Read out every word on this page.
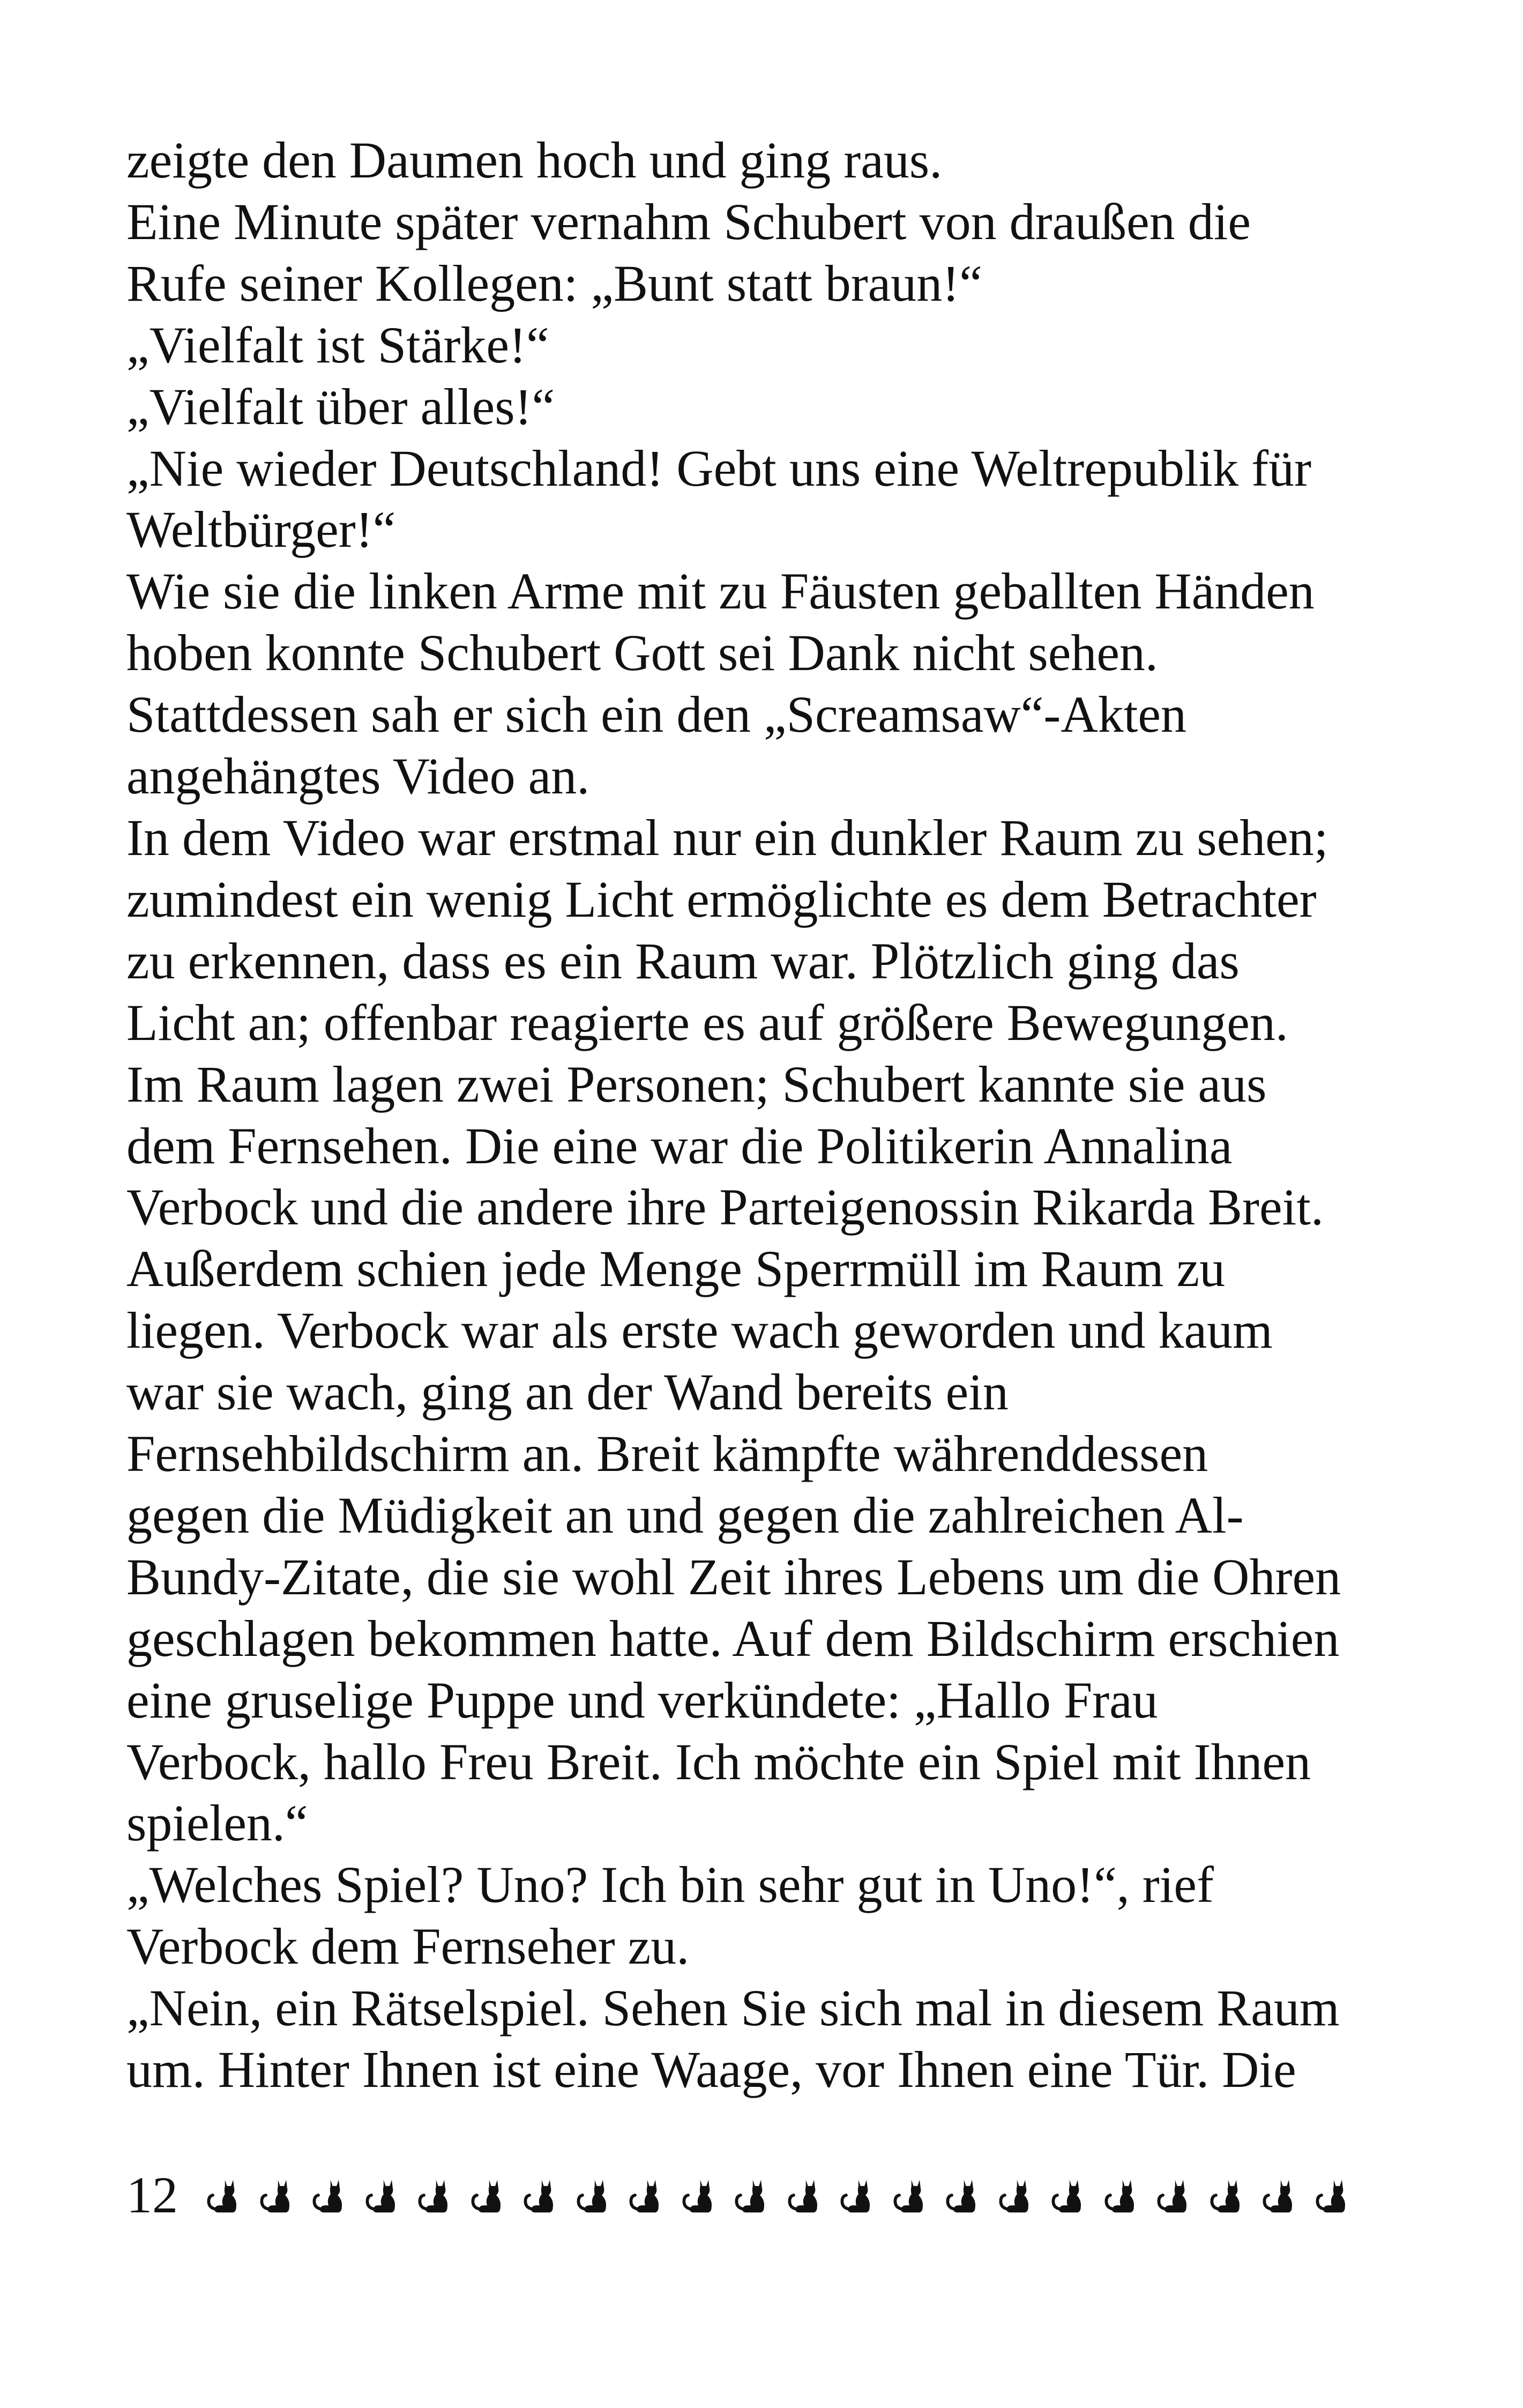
zeigte den Daumen hoch und ging raus.
Eine Minute später vernahm Schubert von draußen die
Rufe seiner Kollegen: „Bunt statt braun!“
„Vielfalt ist Stärke!“
„Vielfalt über alles!“
„Nie wieder Deutschland! Gebt uns eine Weltrepublik für
Weltbürger!“
Wie sie die linken Arme mit zu Fäusten geballten Händen
hoben konnte Schubert Gott sei Dank nicht sehen.
Stattdessen sah er sich ein den „Screamsaw“-Akten
angehängtes Video an.
In dem Video war erstmal nur ein dunkler Raum zu sehen;
zumindest ein wenig Licht ermöglichte es dem Betrachter
zu erkennen, dass es ein Raum war. Plötzlich ging das
Licht an; offenbar reagierte es auf größere Bewegungen.
Im Raum lagen zwei Personen; Schubert kannte sie aus
dem Fernsehen. Die eine war die Politikerin Annalina
Verbock und die andere ihre Parteigenossin Rikarda Breit.
Außerdem schien jede Menge Sperrmüll im Raum zu
liegen. Verbock war als erste wach geworden und kaum
war sie wach, ging an der Wand bereits ein
Fernsehbildschirm an. Breit kämpfte währenddessen
gegen die Müdigkeit an und gegen die zahlreichen Al-
Bundy-Zitate, die sie wohl Zeit ihres Lebens um die Ohren
geschlagen bekommen hatte. Auf dem Bildschirm erschien
eine gruselige Puppe und verkündete: „Hallo Frau
Verbock, hallo Freu Breit. Ich möchte ein Spiel mit Ihnen
spielen.“
„Welches Spiel? Uno? Ich bin sehr gut in Uno!“, rief
Verbock dem Fernseher zu.
„Nein, ein Rätselspiel. Sehen Sie sich mal in diesem Raum
um. Hinter Ihnen ist eine Waage, vor Ihnen eine Tür. Die
12
